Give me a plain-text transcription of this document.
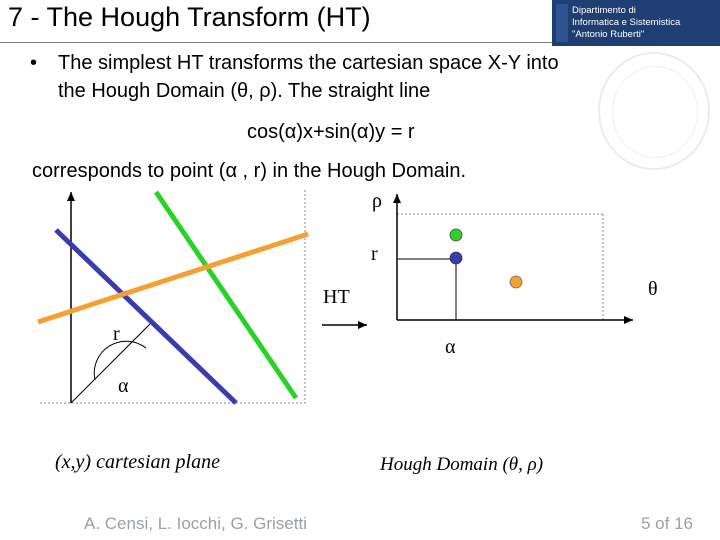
7 - The Hough Transform (HT)	Dipartimento di
Informatica e Sistemistica
"Antonio Ruberti"
• The simplest HT transforms the cartesian space X-Y into
the Hough Domain (θ, ρ). The straight line
cos(α)x+sin(α)y = r
corresponds to point (α , r) in the Hough Domain.
r
α
(x,y) cartesian plane
HT
ρ
θ
r
α
Hough Domain (θ, ρ)
A. Censi, L. Iocchi, G. Grisetti	5 of 16
